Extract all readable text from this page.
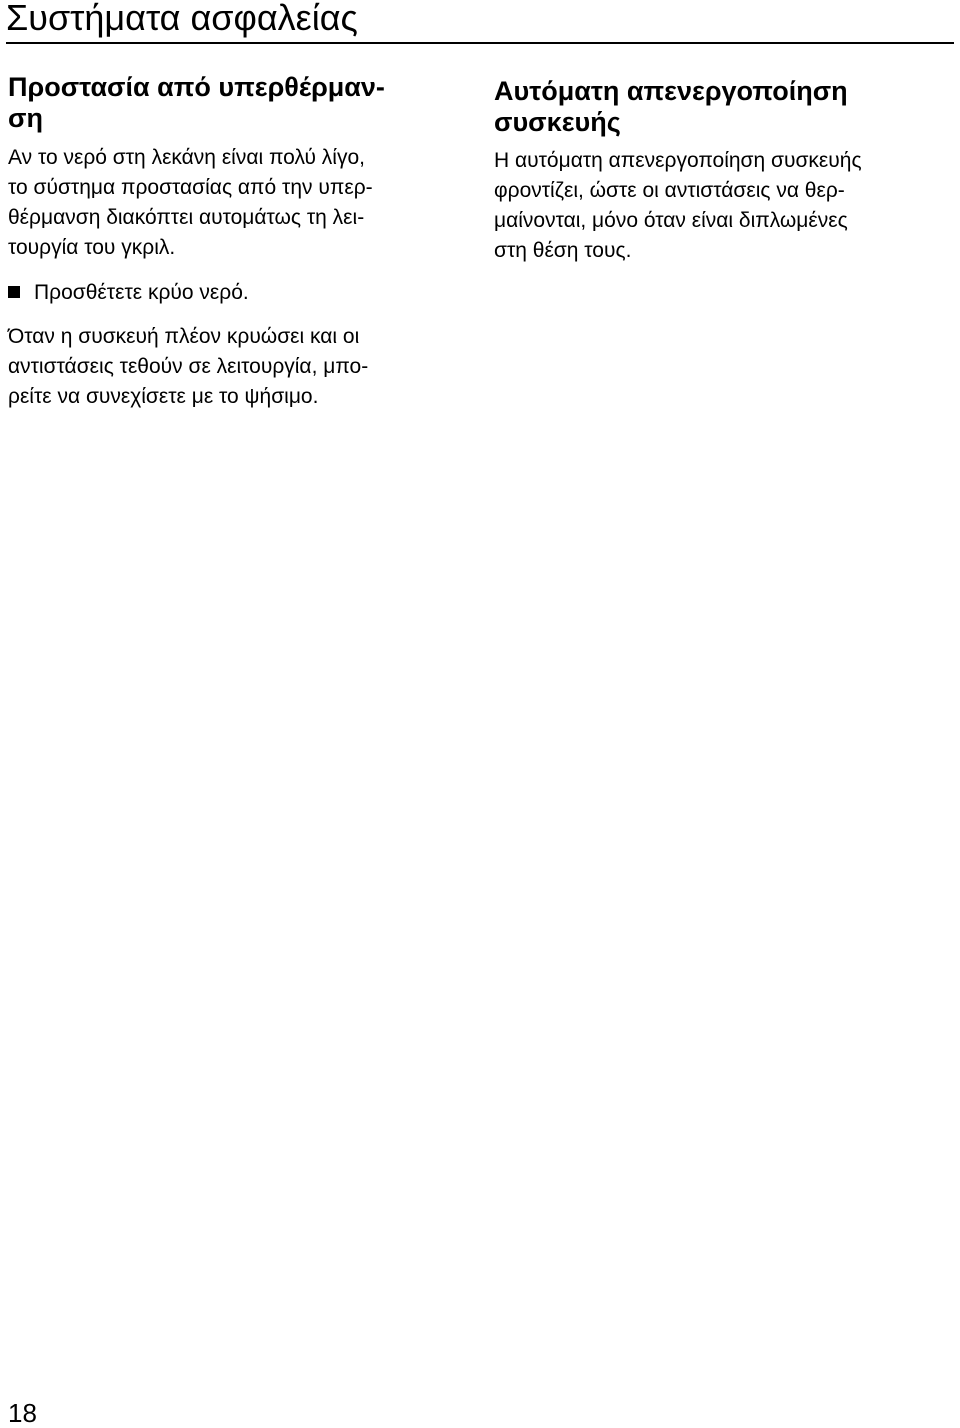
Συστήματα ασφαλείας
Προστασία από υπερθέρμαν-
ση

Αν το νερό στη λεκάνη είναι πολύ λίγο,
το σύστημα προστασίας από την υπερ-
θέρμανση διακόπτει αυτομάτως τη λει-
τουργία του γκριλ.

Προσθέτετε κρύο νερό.

Όταν η συσκευή πλέον κρυώσει και οι
αντιστάσεις τεθούν σε λειτουργία, μπο-
ρείτε να συνεχίσετε με το ψήσιμο.

Αυτόματη απενεργοποίηση
συσκευής

Η αυτόματη απενεργοποίηση συσκευής
φροντίζει, ώστε οι αντιστάσεις να θερ-
μαίνονται, μόνο όταν είναι διπλωμένες
στη θέση τους.

18
